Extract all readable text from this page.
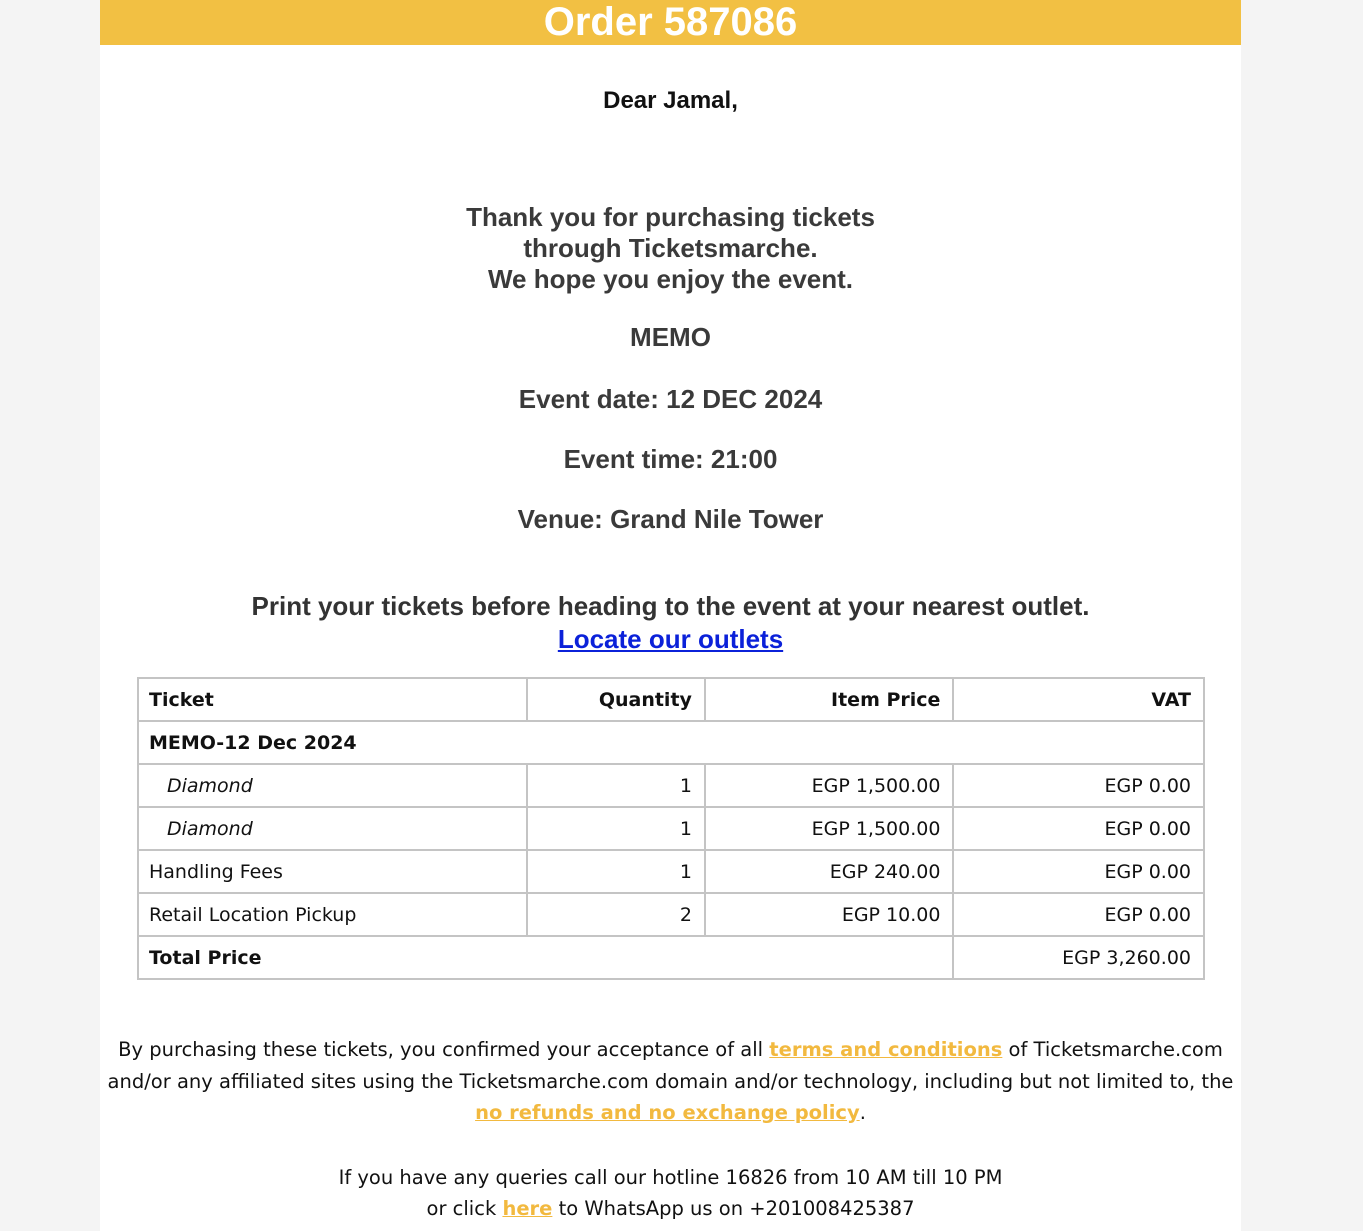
Order 587086
Dear Jamal,
Thank you for purchasing tickets
through Ticketsmarche.
We hope you enjoy the event.
MEMO
Event date: 12 DEC 2024
Event time: 21:00
Venue: Grand Nile Tower
Print your tickets before heading to the event at your nearest outlet.
Locate our outlets
Ticket	Quantity	Item Price	VAT
MEMO-12 Dec 2024			
Diamond	1	EGP 1,500.00	EGP 0.00
Diamond	1	EGP 1,500.00	EGP 0.00
Handling Fees	1	EGP 240.00	EGP 0.00
Retail Location Pickup	2	EGP 10.00	EGP 0.00
Total Price			EGP 3,260.00
By purchasing these tickets, you confirmed your acceptance of all terms and conditions of Ticketsmarche.com and/or any affiliated sites using the Ticketsmarche.com domain and/or technology, including but not limited to, the no refunds and no exchange policy.
If you have any queries call our hotline 16826 from 10 AM till 10 PM
or click here to WhatsApp us on +201008425387
